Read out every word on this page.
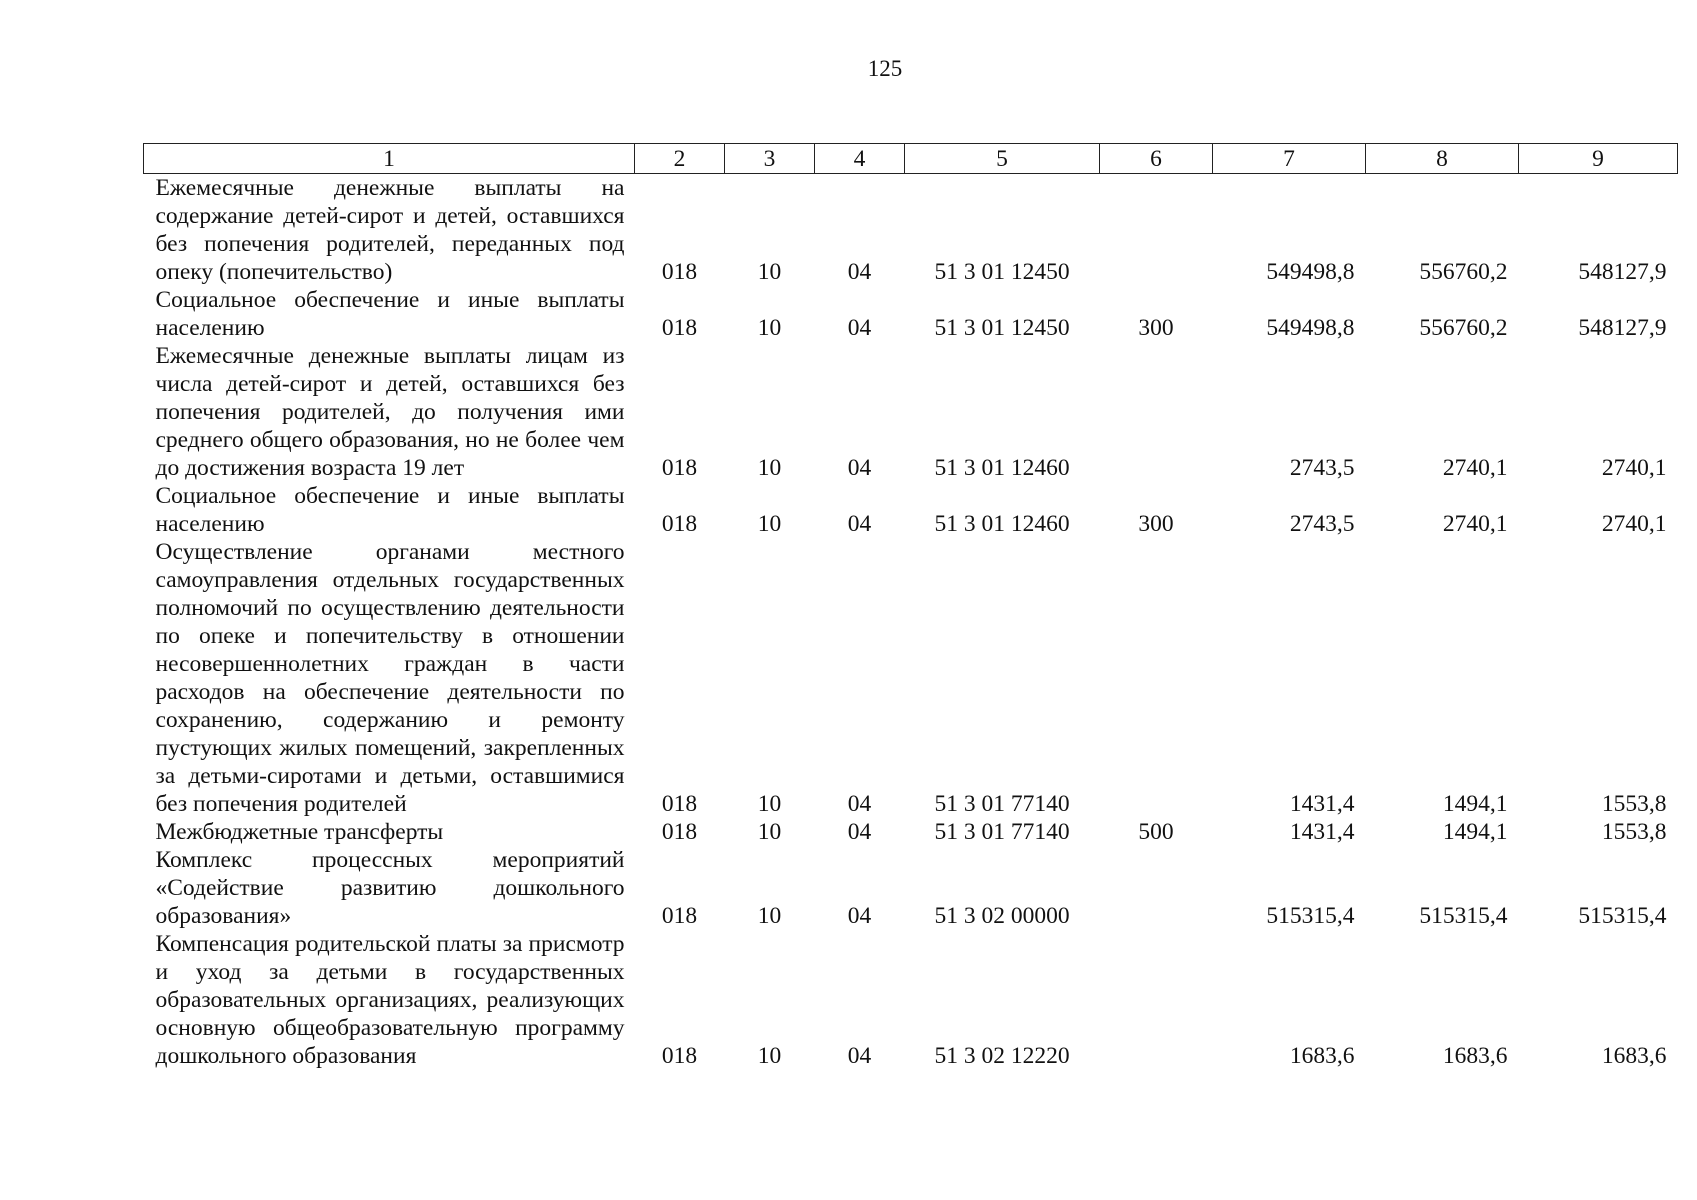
125
1	2	3	4	5	6	7	8	9
Ежемесячные денежные выплаты на содержание детей-сирот и детей, оставшихся без попечения родителей, переданных под опеку (попечительство)	018	10	04	51 3 01 12450		549498,8	556760,2	548127,9
Социальное обеспечение и иные выплаты населению	018	10	04	51 3 01 12450	300	549498,8	556760,2	548127,9
Ежемесячные денежные выплаты лицам из числа детей-сирот и детей, оставшихся без попечения родителей, до получения ими среднего общего образования, но не более чем до достижения возраста 19 лет	018	10	04	51 3 01 12460		2743,5	2740,1	2740,1
Социальное обеспечение и иные выплаты населению	018	10	04	51 3 01 12460	300	2743,5	2740,1	2740,1
Осуществление органами местного самоуправления отдельных государственных полномочий по осуществлению деятельности по опеке и попечительству в отношении несовершеннолетних граждан в части расходов на обеспечение деятельности по сохранению, содержанию и ремонту пустующих жилых помещений, закрепленных за детьми-сиротами и детьми, оставшимися без попечения родителей	018	10	04	51 3 01 77140		1431,4	1494,1	1553,8
Межбюджетные трансферты	018	10	04	51 3 01 77140	500	1431,4	1494,1	1553,8
Комплекс процессных мероприятий «Содействие развитию дошкольного образования»	018	10	04	51 3 02 00000		515315,4	515315,4	515315,4
Компенсация родительской платы за присмотр и уход за детьми в государственных образовательных организациях, реализующих основную общеобразовательную программу дошкольного образования	018	10	04	51 3 02 12220		1683,6	1683,6	1683,6
